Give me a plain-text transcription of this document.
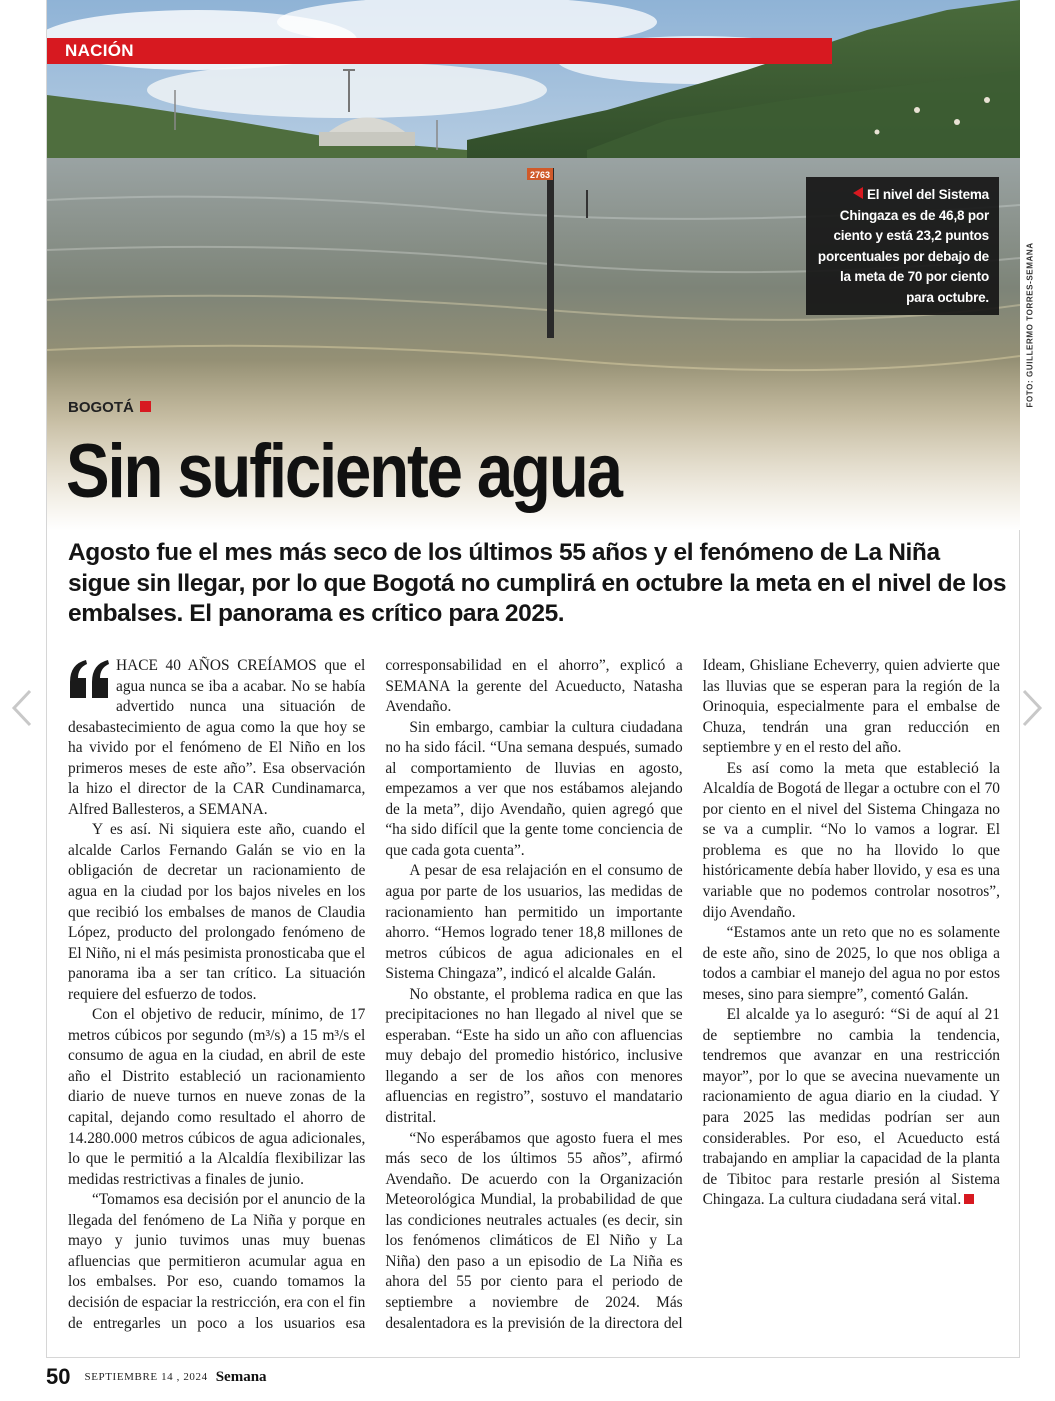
2763
NACIÓN

El nivel del Sistema Chingaza es de 46,8 por ciento y está 23,2 puntos porcentuales por debajo de la meta de 70 por ciento para octubre.	FOTO: GUILLERMO TORRES-SEMANA
BOGOTÁ
Sin suficiente agua

Agosto fue el mes más seco de los últimos 55 años y el fenómeno de La Niña sigue sin llegar, por lo que Bogotá no cumplirá en octubre la meta en el nivel de los embalses. El panorama es crítico para 2025.

HACE 40 AÑOS CREÍAMOS que el agua nunca se iba a acabar. No se había advertido nunca una situación de desabastecimiento de agua como la que hoy se ha vivido por el fenómeno de El Niño en los primeros meses de este año”. Esa observación la hizo el director de la CAR Cundinamarca, Alfred Ballesteros, a SEMANA.

Y es así. Ni siquiera este año, cuando el alcalde Carlos Fernando Galán se vio en la obligación de decretar un racionamiento de agua en la ciudad por los bajos niveles en los que recibió los embalses de manos de Claudia López, producto del prolongado fenómeno de El Niño, ni el más pesimista pronosticaba que el panorama iba a ser tan crítico. La situación requiere del esfuerzo de todos.

Con el objetivo de reducir, mínimo, de 17 metros cúbicos por segundo (m³/s) a 15 m³/s el consumo de agua en la ciudad, en abril de este año el Distrito estableció un racionamiento diario de nueve turnos en nueve zonas de la capital, dejando como resultado el ahorro de 14.280.000 metros cúbicos de agua adicionales, lo que le permitió a la Alcaldía flexibilizar las medidas restrictivas a finales de junio.

“Tomamos esa decisión por el anuncio de la llegada del fenómeno de La Niña y porque en mayo y junio tuvimos unas muy buenas afluencias que permitieron acumular agua en los embalses. Por eso, cuando tomamos la decisión de espaciar la restricción, era con el fin de entregarles un poco a los usuarios esa corresponsabilidad en el ahorro”, explicó a SEMANA la gerente del Acueducto, Natasha Avendaño.

Sin embargo, cambiar la cultura ciudadana no ha sido fácil. “Una semana después, sumado al comportamiento de lluvias en agosto, empezamos a ver que nos estábamos alejando de la meta”, dijo Avendaño, quien agregó que “ha sido difícil que la gente tome conciencia de que cada gota cuenta”.

A pesar de esa relajación en el consumo de agua por parte de los usuarios, las medidas de racionamiento han permitido un importante ahorro. “Hemos logrado tener 18,8 millones de metros cúbicos de agua adicionales en el Sistema Chingaza”, indicó el alcalde Galán.

No obstante, el problema radica en que las precipitaciones no han llegado al nivel que se esperaban. “Este ha sido un año con afluencias muy debajo del promedio histórico, inclusive llegando a ser de los años con menores afluencias en registro”, sostuvo el mandatario distrital.

“No esperábamos que agosto fuera el mes más seco de los últimos 55 años”, afirmó Avendaño. De acuerdo con la Organización Meteorológica Mundial, la probabilidad de que las condiciones neutrales actuales (es decir, sin los fenómenos climáticos de El Niño y La Niña) den paso a un episodio de La Niña es ahora del 55 por ciento para el periodo de septiembre a noviembre de 2024. Más desalentadora es la previsión de la directora del Ideam, Ghisliane Echeverry, quien advierte que las lluvias que se esperan para la región de la Orinoquia, especialmente para el embalse de Chuza, tendrán una gran reducción en septiembre y en el resto del año.

Es así como la meta que estableció la Alcaldía de Bogotá de llegar a octubre con el 70 por ciento en el nivel del Sistema Chingaza no se va a cumplir. “No lo vamos a lograr. El problema es que no ha llovido lo que históricamente debía haber llovido, y esa es una variable que no podemos controlar nosotros”, dijo Avendaño.

“Estamos ante un reto que no es solamente de este año, sino de 2025, lo que nos obliga a todos a cambiar el manejo del agua no por estos meses, sino para siempre”, comentó Galán.

El alcalde ya lo aseguró: “Si de aquí al 21 de septiembre no cambia la tendencia, tendremos que avanzar en una restricción mayor”, por lo que se avecina nuevamente un racionamiento de agua diario en la ciudad. Y para 2025 las medidas podrían ser aun considerables. Por eso, el Acueducto está trabajando en ampliar la capacidad de la planta de Tibitoc para restarle presión al Sistema Chingaza. La cultura ciudadana será vital.

50 SEPTIEMBRE 14 , 2024 Semana
